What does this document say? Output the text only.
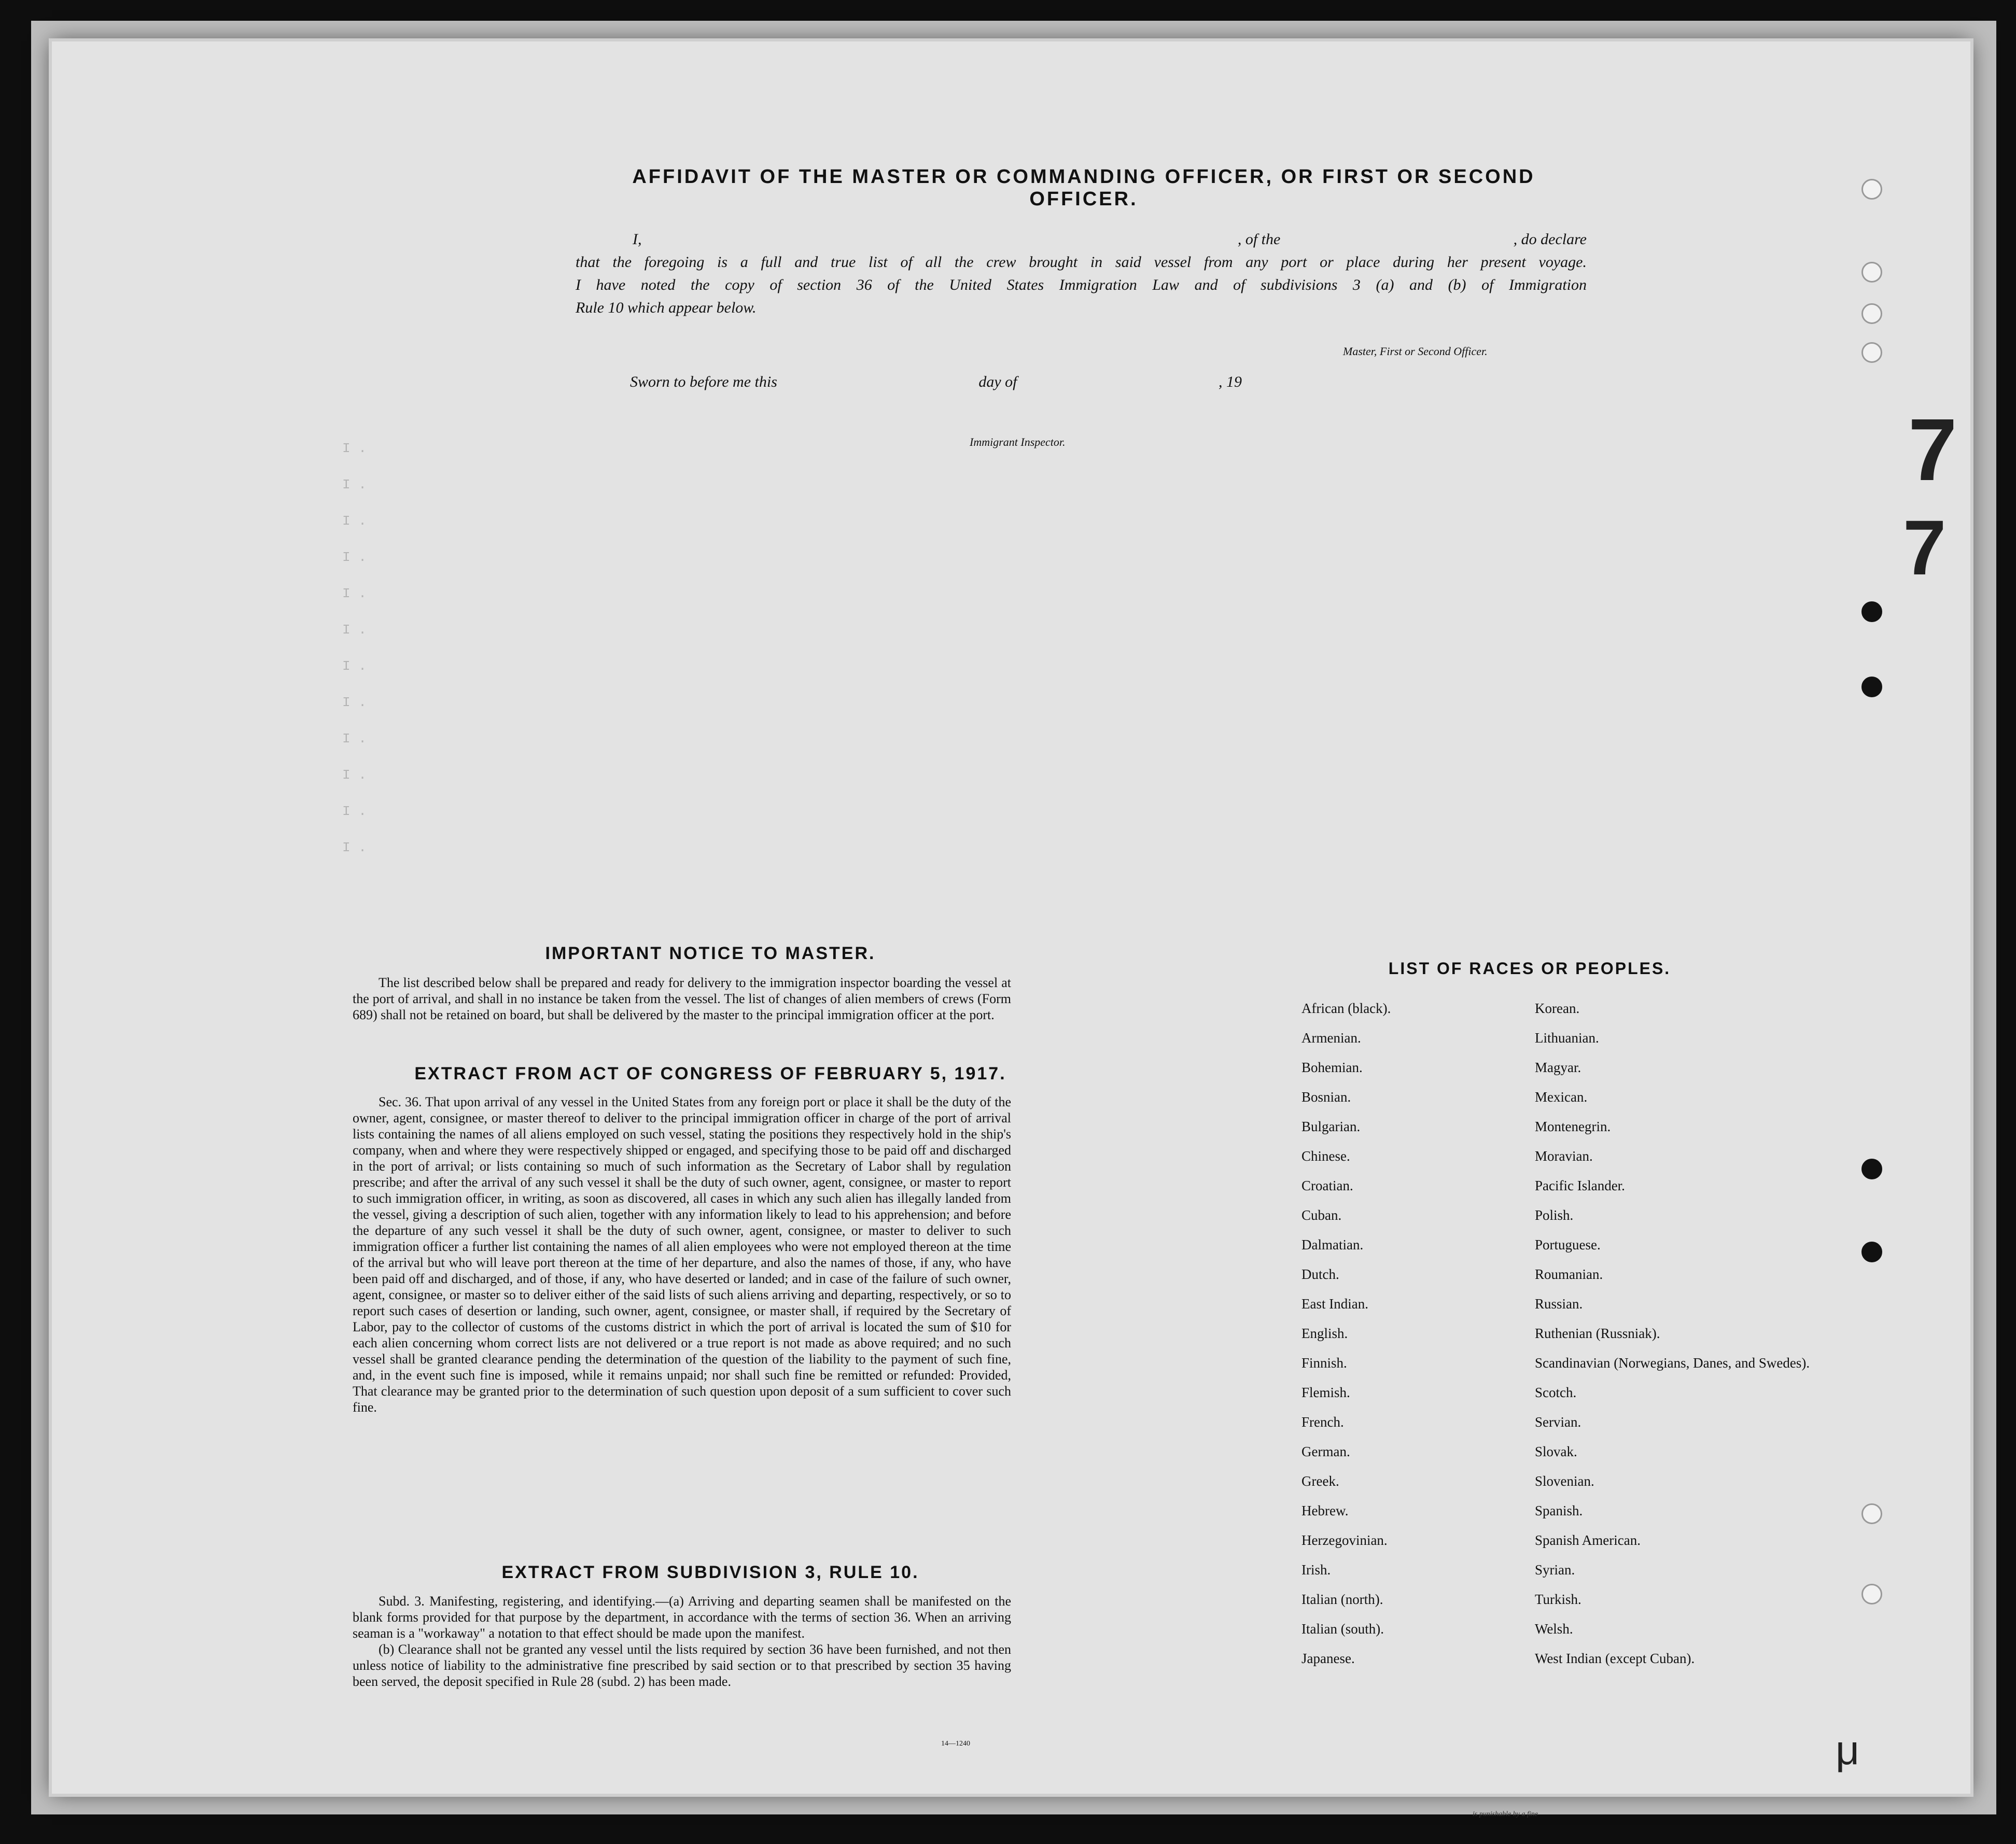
AFFIDAVIT OF THE MASTER OR COMMANDING OFFICER, OR FIRST OR SECOND OFFICER.
I,	, of the	, do declare
that the foregoing is a full and true list of all the crew brought in said vessel from any port or place during her present voyage.
I have noted the copy of section 36 of the United States Immigration Law and of subdivisions 3 (a) and (b) of Immigration
Rule 10 which appear below.
Master, First or Second Officer.
Sworn to before me this	day of	, 19
Immigrant Inspector.
IMPORTANT NOTICE TO MASTER.

The list described below shall be prepared and ready for delivery to the immigration inspector boarding the vessel at the port of arrival, and shall in no instance be taken from the vessel. The list of changes of alien members of crews (Form 689) shall not be retained on board, but shall be delivered by the master to the principal immigration officer at the port.

EXTRACT FROM ACT OF CONGRESS OF FEBRUARY 5, 1917.

Sec. 36. That upon arrival of any vessel in the United States from any foreign port or place it shall be the duty of the owner, agent, consignee, or master thereof to deliver to the principal immigration officer in charge of the port of arrival lists containing the names of all aliens employed on such vessel, stating the positions they respectively hold in the ship's company, when and where they were respectively shipped or engaged, and specifying those to be paid off and discharged in the port of arrival; or lists containing so much of such information as the Secretary of Labor shall by regulation prescribe; and after the arrival of any such vessel it shall be the duty of such owner, agent, consignee, or master to report to such immigration officer, in writing, as soon as discovered, all cases in which any such alien has illegally landed from the vessel, giving a description of such alien, together with any information likely to lead to his apprehension; and before the departure of any such vessel it shall be the duty of such owner, agent, consignee, or master to deliver to such immigration officer a further list containing the names of all alien employees who were not employed thereon at the time of the arrival but who will leave port thereon at the time of her departure, and also the names of those, if any, who have been paid off and discharged, and of those, if any, who have deserted or landed; and in case of the failure of such owner, agent, consignee, or master so to deliver either of the said lists of such aliens arriving and departing, respectively, or so to report such cases of desertion or landing, such owner, agent, consignee, or master shall, if required by the Secretary of Labor, pay to the collector of customs of the customs district in which the port of arrival is located the sum of $10 for each alien concerning whom correct lists are not delivered or a true report is not made as above required; and no such vessel shall be granted clearance pending the determination of the question of the liability to the payment of such fine, and, in the event such fine is imposed, while it remains unpaid; nor shall such fine be remitted or refunded: Provided, That clearance may be granted prior to the determination of such question upon deposit of a sum sufficient to cover such fine.

EXTRACT FROM SUBDIVISION 3, RULE 10.

Subd. 3. Manifesting, registering, and identifying.—(a) Arriving and departing seamen shall be manifested on the blank forms provided for that purpose by the department, in accordance with the terms of section 36. When an arriving seaman is a "workaway" a notation to that effect should be made upon the manifest.

(b) Clearance shall not be granted any vessel until the lists required by section 36 have been furnished, and not then unless notice of liability to the administrative fine prescribed by said section or to that prescribed by section 35 having been served, the deposit specified in Rule 28 (subd. 2) has been made.

14—1240
LIST OF RACES OR PEOPLES.
African (black).	Korean.
Armenian.	Lithuanian.
Bohemian.	Magyar.
Bosnian.	Mexican.
Bulgarian.	Montenegrin.
Chinese.	Moravian.
Croatian.	Pacific Islander.
Cuban.	Polish.
Dalmatian.	Portuguese.
Dutch.	Roumanian.
East Indian.	Russian.
English.	Ruthenian (Russniak).
Finnish.	Scandinavian (Norwegians, Danes, and Swedes).
Flemish.	Scotch.
French.	Servian.
German.	Slovak.
Greek.	Slovenian.
Hebrew.	Spanish.
Herzegovinian.	Spanish American.
Irish.	Syrian.
Italian (north).	Turkish.
Italian (south).	Welsh.
Japanese.	West Indian (except Cuban).
I .
I .
I .
I .
I .
I .
I .
I .
I .
I .
I .
I .
7
7
μ
is punishable by a fine
